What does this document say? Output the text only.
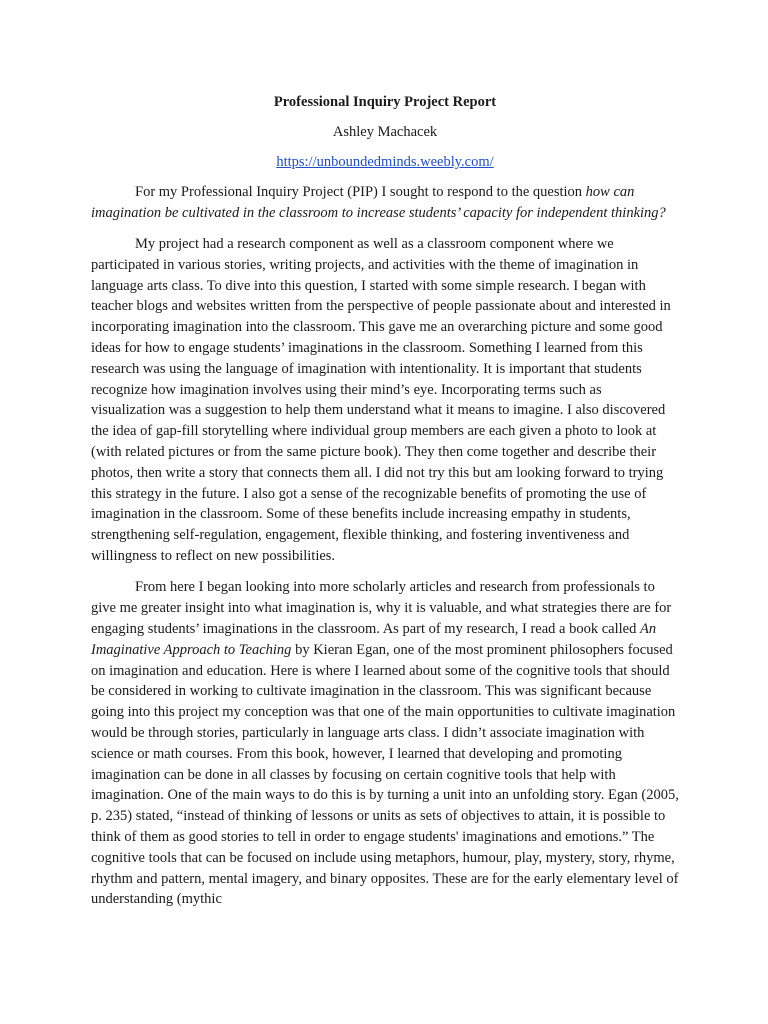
Professional Inquiry Project Report
Ashley Machacek
https://unboundedminds.weebly.com/

For my Professional Inquiry Project (PIP) I sought to respond to the question how can imagination be cultivated in the classroom to increase students’ capacity for independent thinking?

My project had a research component as well as a classroom component where we participated in various stories, writing projects, and activities with the theme of imagination in language arts class. To dive into this question, I started with some simple research. I began with teacher blogs and websites written from the perspective of people passionate about and interested in incorporating imagination into the classroom. This gave me an overarching picture and some good ideas for how to engage students’ imaginations in the classroom. Something I learned from this research was using the language of imagination with intentionality. It is important that students recognize how imagination involves using their mind’s eye. Incorporating terms such as visualization was a suggestion to help them understand what it means to imagine. I also discovered the idea of gap-fill storytelling where individual group members are each given a photo to look at (with related pictures or from the same picture book). They then come together and describe their photos, then write a story that connects them all. I did not try this but am looking forward to trying this strategy in the future. I also got a sense of the recognizable benefits of promoting the use of imagination in the classroom. Some of these benefits include increasing empathy in students, strengthening self-regulation, engagement, flexible thinking, and fostering inventiveness and willingness to reflect on new possibilities.

From here I began looking into more scholarly articles and research from professionals to give me greater insight into what imagination is, why it is valuable, and what strategies there are for engaging students’ imaginations in the classroom. As part of my research, I read a book called An Imaginative Approach to Teaching by Kieran Egan, one of the most prominent philosophers focused on imagination and education. Here is where I learned about some of the cognitive tools that should be considered in working to cultivate imagination in the classroom. This was significant because going into this project my conception was that one of the main opportunities to cultivate imagination would be through stories, particularly in language arts class. I didn’t associate imagination with science or math courses. From this book, however, I learned that developing and promoting imagination can be done in all classes by focusing on certain cognitive tools that help with imagination. One of the main ways to do this is by turning a unit into an unfolding story. Egan (2005, p. 235) stated, “instead of thinking of lessons or units as sets of objectives to attain, it is possible to think of them as good stories to tell in order to engage students' imaginations and emotions.” The cognitive tools that can be focused on include using metaphors, humour, play, mystery, story, rhyme, rhythm and pattern, mental imagery, and binary opposites. These are for the early elementary level of understanding (mythic
